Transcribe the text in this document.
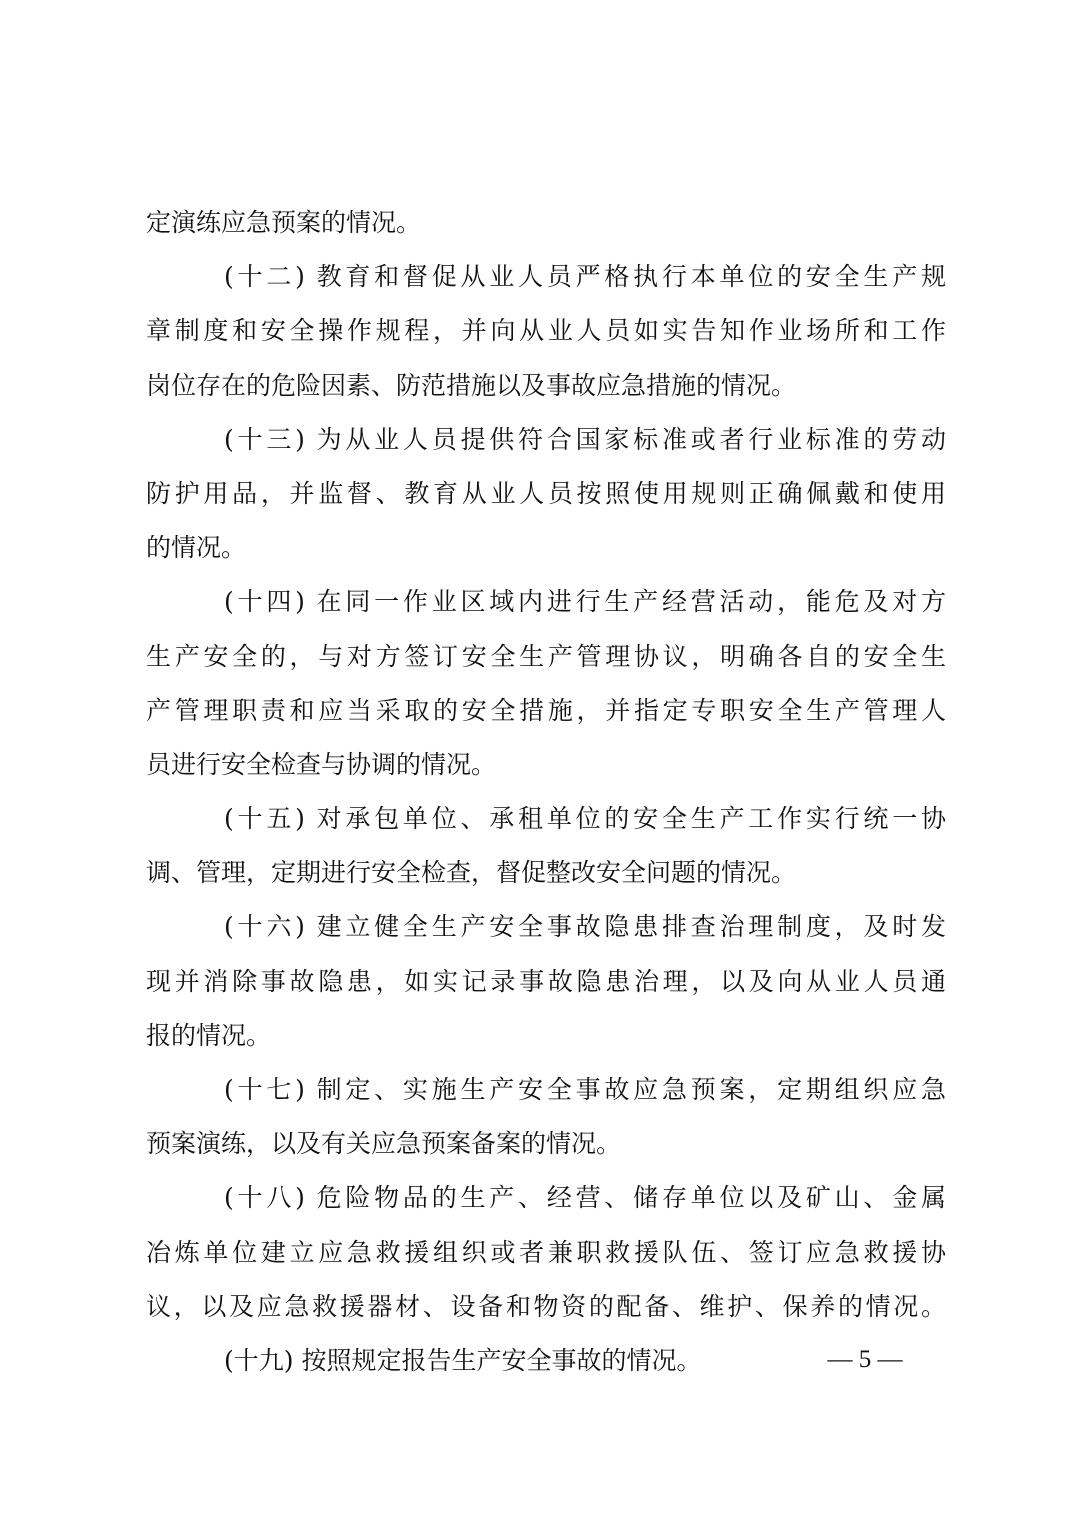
定演练应急预案的情况。
(十二) 教育和督促从业人员严格执行本单位的安全生产规
章制度和安全操作规程，并向从业人员如实告知作业场所和工作
岗位存在的危险因素、防范措施以及事故应急措施的情况。
(十三) 为从业人员提供符合国家标准或者行业标准的劳动
防护用品，并监督、教育从业人员按照使用规则正确佩戴和使用
的情况。
(十四) 在同一作业区域内进行生产经营活动，能危及对方
生产安全的，与对方签订安全生产管理协议，明确各自的安全生
产管理职责和应当采取的安全措施，并指定专职安全生产管理人
员进行安全检查与协调的情况。
(十五) 对承包单位、承租单位的安全生产工作实行统一协
调、管理，定期进行安全检查，督促整改安全问题的情况。
(十六) 建立健全生产安全事故隐患排查治理制度，及时发
现并消除事故隐患，如实记录事故隐患治理，以及向从业人员通
报的情况。
(十七) 制定、实施生产安全事故应急预案，定期组织应急
预案演练，以及有关应急预案备案的情况。
(十八) 危险物品的生产、经营、储存单位以及矿山、金属
冶炼单位建立应急救援组织或者兼职救援队伍、签订应急救援协
议，以及应急救援器材、设备和物资的配备、维护、保养的情况。
(十九) 按照规定报告生产安全事故的情况。	— 5 —
